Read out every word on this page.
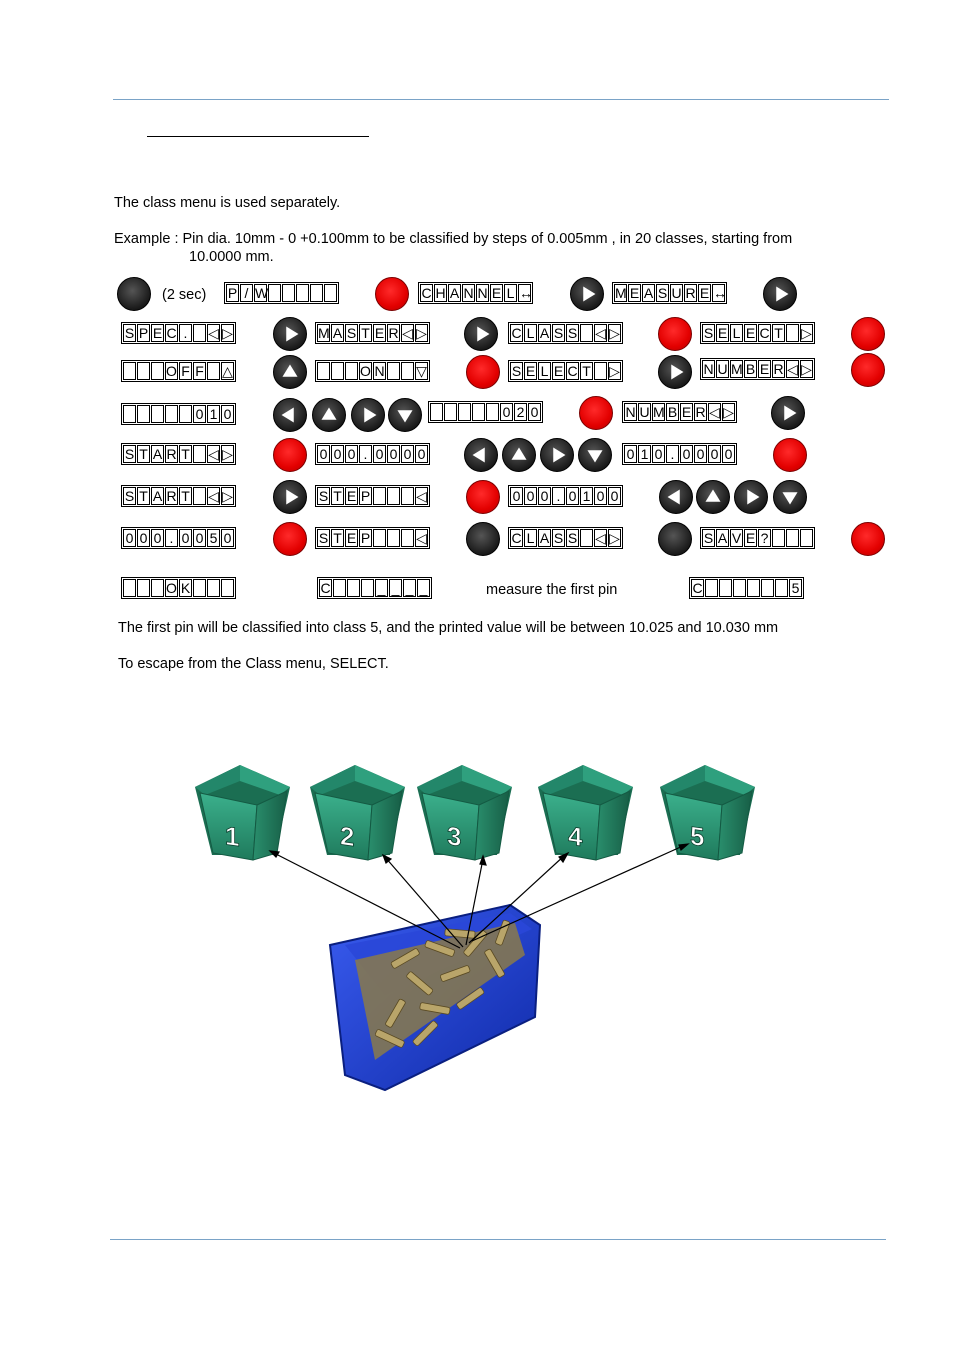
The class menu is used separately.
Example : Pin dia. 10mm - 0 +0.100mm to be classified by steps of 0.005mm , in 20 classes, starting from
10.0000 mm.
(2 sec) P / W	C H A N N E L ↔	M E A S U R E ↔
S P E C .	◁ ▷	M A S T E R ◁ ▷	C L A S S ◁ ▷	S E L E C T ▷
O F F △	O N ▽	S E L E C T ▷	N U M B E R ◁ ▷
0 1 0	0 2 0	N U M B E R ◁ ▷
S T A R T ◁ ▷	0 0 0 . 0 0 0 0	0 1 0 . 0 0 0 0
S T A R T ◁ ▷	S T E P	◁	0 0 0 . 0 1 0 0
0 0 0 . 0 0 5 0	S T E P	◁	C L A S S ◁ ▷	S A V E ?
O K	C	_ _ _ _	measure the first pin	C	5
The first pin will be classified into class 5, and the printed value will be between 10.025 and 10.030 mm
To escape from the Class menu, SELECT.
1	2	3	4	5
